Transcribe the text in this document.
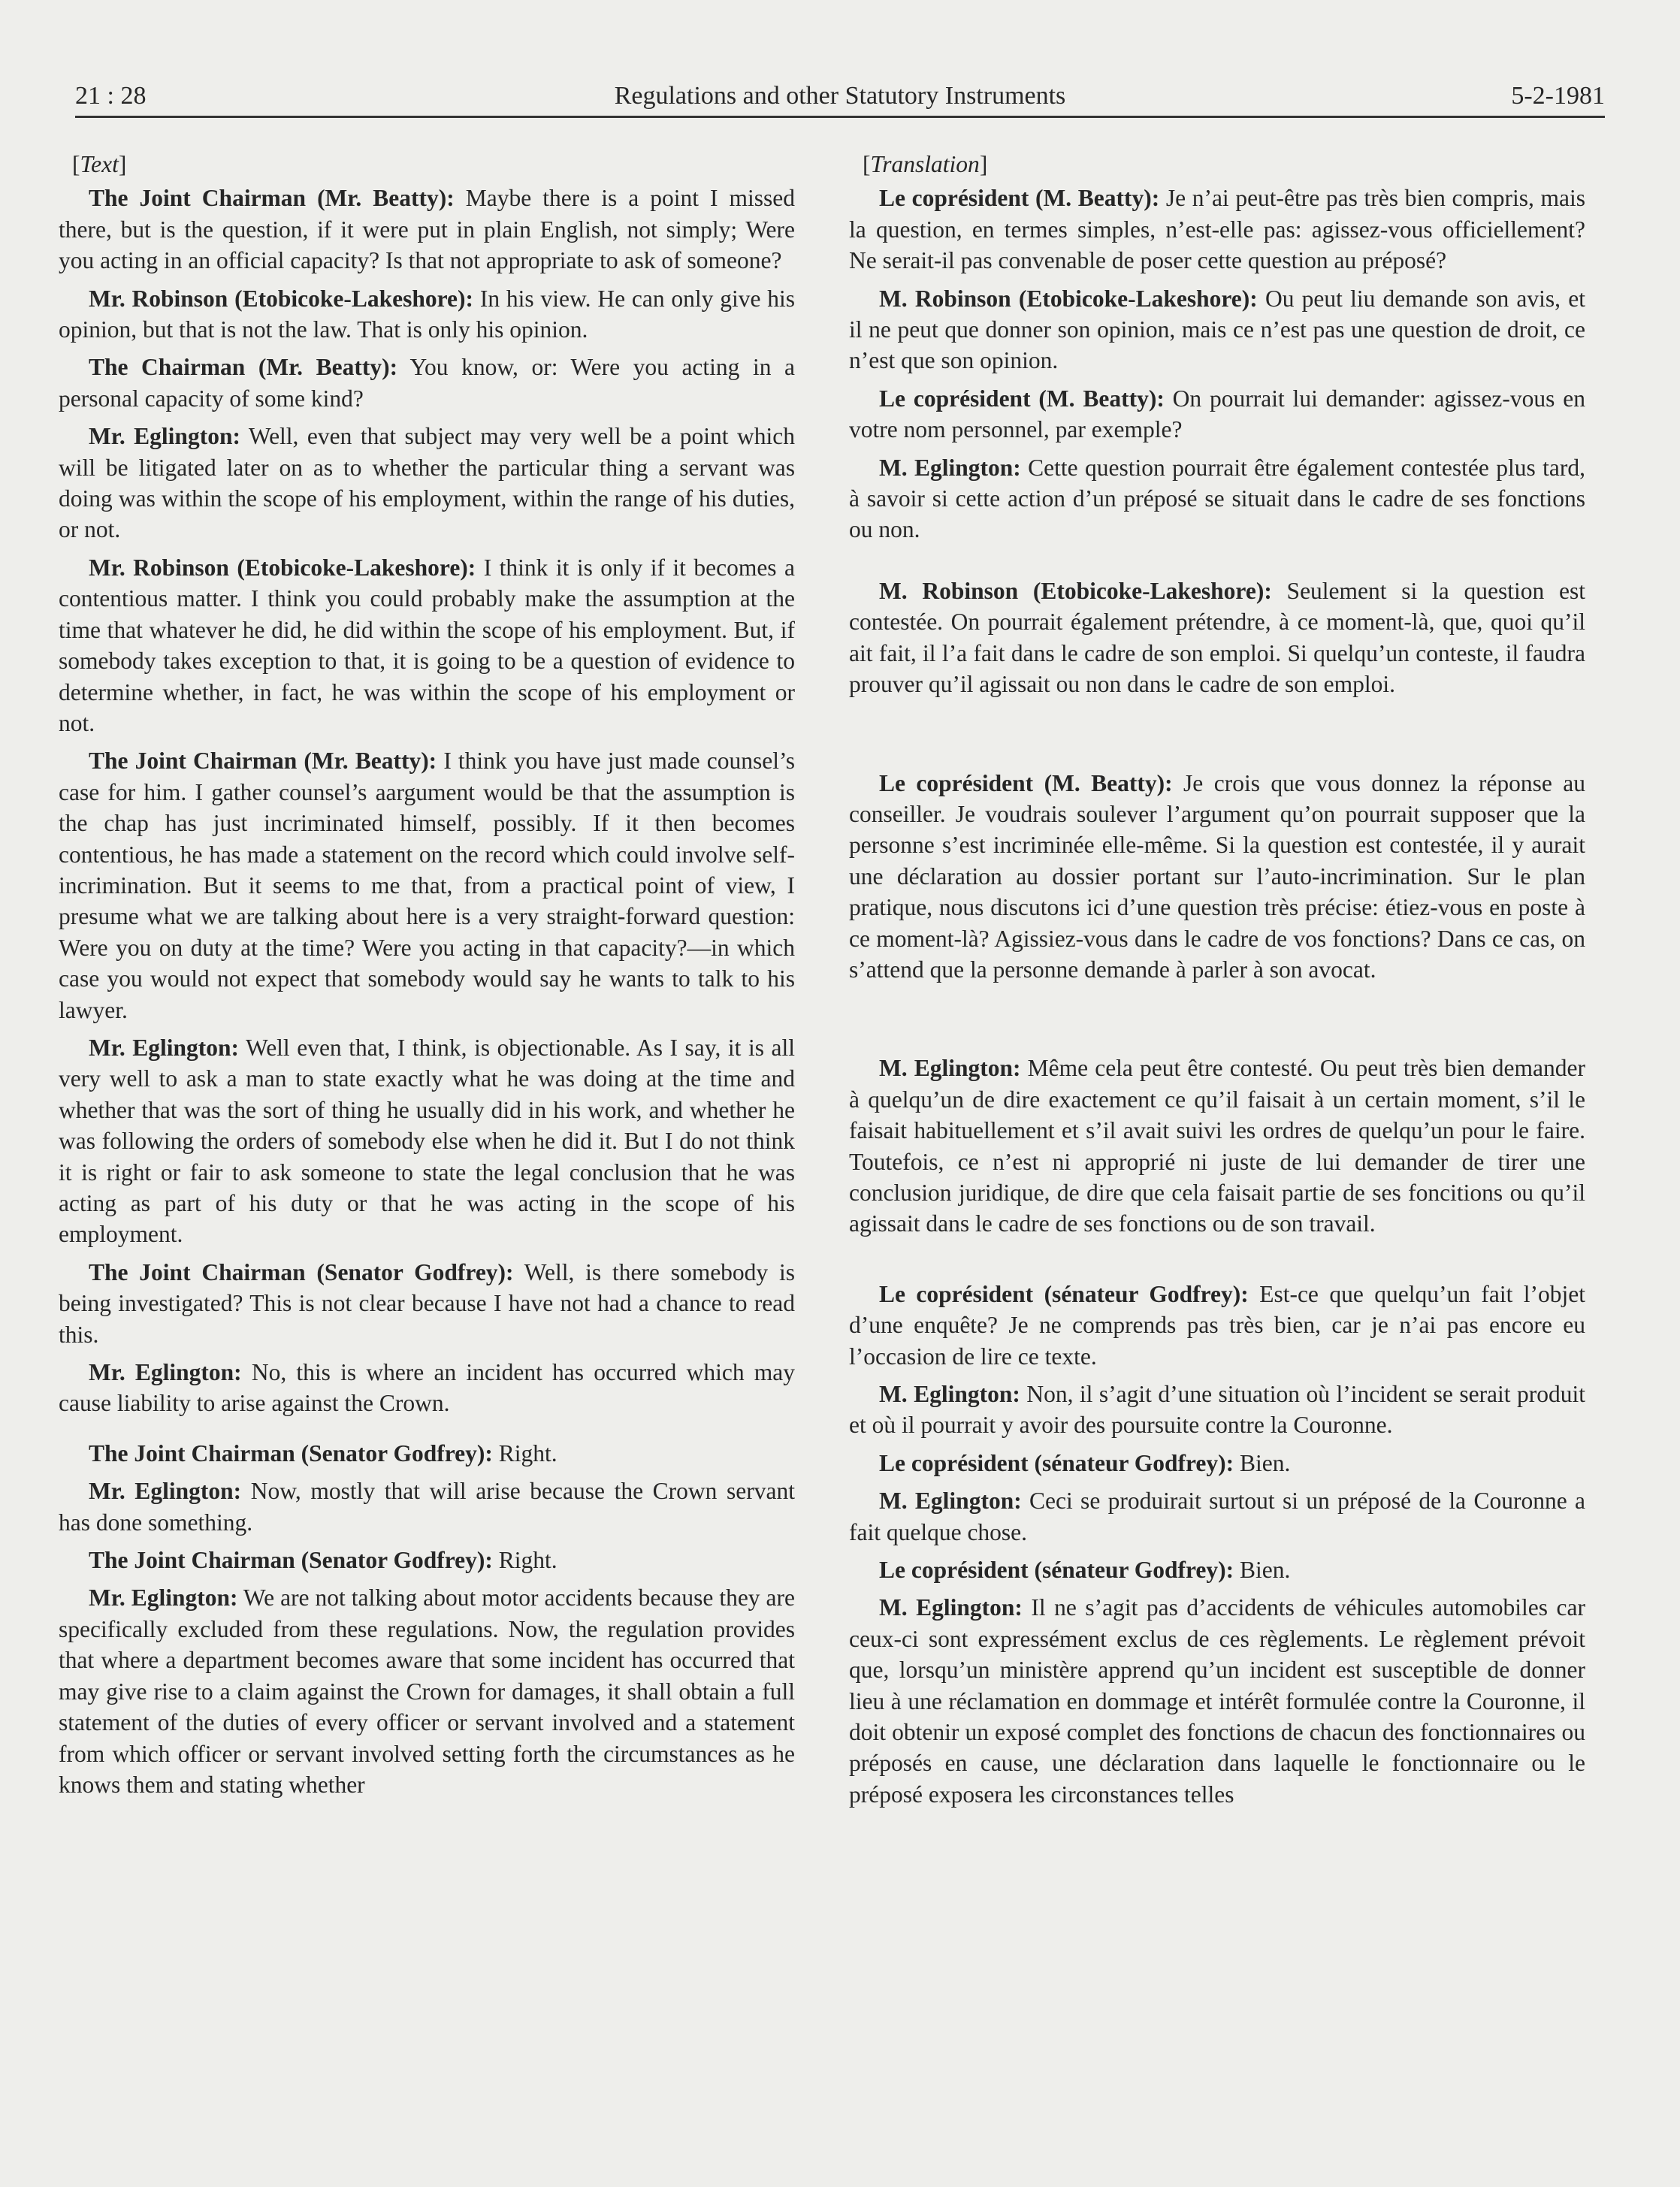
21 : 28	Regulations and other Statutory Instruments	5-2-1981
[Text]

The Joint Chairman (Mr. Beatty): Maybe there is a point I missed there, but is the question, if it were put in plain English, not simply; Were you acting in an official capacity? Is that not appropriate to ask of someone?

Mr. Robinson (Etobicoke-Lakeshore): In his view. He can only give his opinion, but that is not the law. That is only his opinion.

The Chairman (Mr. Beatty): You know, or: Were you acting in a personal capacity of some kind?

Mr. Eglington: Well, even that subject may very well be a point which will be litigated later on as to whether the particular thing a servant was doing was within the scope of his employment, within the range of his duties, or not.

Mr. Robinson (Etobicoke-Lakeshore): I think it is only if it becomes a contentious matter. I think you could probably make the assumption at the time that whatever he did, he did within the scope of his employment. But, if somebody takes exception to that, it is going to be a question of evidence to determine whether, in fact, he was within the scope of his employment or not.

The Joint Chairman (Mr. Beatty): I think you have just made counsel’s case for him. I gather counsel’s aargument would be that the assumption is the chap has just incriminated himself, possibly. If it then becomes contentious, he has made a statement on the record which could involve self-incrimination. But it seems to me that, from a practical point of view, I presume what we are talking about here is a very straight-forward question: Were you on duty at the time? Were you acting in that capacity?—in which case you would not expect that somebody would say he wants to talk to his lawyer.

Mr. Eglington: Well even that, I think, is objectionable. As I say, it is all very well to ask a man to state exactly what he was doing at the time and whether that was the sort of thing he usually did in his work, and whether he was following the orders of somebody else when he did it. But I do not think it is right or fair to ask someone to state the legal conclusion that he was acting as part of his duty or that he was acting in the scope of his employment.

The Joint Chairman (Senator Godfrey): Well, is there somebody is being investigated? This is not clear because I have not had a chance to read this.

Mr. Eglington: No, this is where an incident has occurred which may cause liability to arise against the Crown.

The Joint Chairman (Senator Godfrey): Right.

Mr. Eglington: Now, mostly that will arise because the Crown servant has done something.

The Joint Chairman (Senator Godfrey): Right.

Mr. Eglington: We are not talking about motor accidents because they are specifically excluded from these regulations. Now, the regulation provides that where a department becomes aware that some incident has occurred that may give rise to a claim against the Crown for damages, it shall obtain a full statement of the duties of every officer or servant involved and a statement from which officer or servant involved setting forth the circumstances as he knows them and stating whether

[Translation]

Le coprésident (M. Beatty): Je n’ai peut-être pas très bien compris, mais la question, en termes simples, n’est-elle pas: agissez-vous officiellement? Ne serait-il pas convenable de poser cette question au préposé?

M. Robinson (Etobicoke-Lakeshore): Ou peut liu demande son avis, et il ne peut que donner son opinion, mais ce n’est pas une question de droit, ce n’est que son opinion.

Le coprésident (M. Beatty): On pourrait lui demander: agissez-vous en votre nom personnel, par exemple?

M. Eglington: Cette question pourrait être également contestée plus tard, à savoir si cette action d’un préposé se situait dans le cadre de ses fonctions ou non.

M. Robinson (Etobicoke-Lakeshore): Seulement si la question est contestée. On pourrait également prétendre, à ce moment-là, que, quoi qu’il ait fait, il l’a fait dans le cadre de son emploi. Si quelqu’un conteste, il faudra prouver qu’il agissait ou non dans le cadre de son emploi.

Le coprésident (M. Beatty): Je crois que vous donnez la réponse au conseiller. Je voudrais soulever l’argument qu’on pourrait supposer que la personne s’est incriminée elle-même. Si la question est contestée, il y aurait une déclaration au dossier portant sur l’auto-incrimination. Sur le plan pratique, nous discutons ici d’une question très précise: étiez-vous en poste à ce moment-là? Agissiez-vous dans le cadre de vos fonctions? Dans ce cas, on s’attend que la personne demande à parler à son avocat.

M. Eglington: Même cela peut être contesté. Ou peut très bien demander à quelqu’un de dire exactement ce qu’il faisait à un certain moment, s’il le faisait habituellement et s’il avait suivi les ordres de quelqu’un pour le faire. Toutefois, ce n’est ni approprié ni juste de lui demander de tirer une conclusion juridique, de dire que cela faisait partie de ses foncitions ou qu’il agissait dans le cadre de ses fonctions ou de son travail.

Le coprésident (sénateur Godfrey): Est-ce que quelqu’un fait l’objet d’une enquête? Je ne comprends pas très bien, car je n’ai pas encore eu l’occasion de lire ce texte.

M. Eglington: Non, il s’agit d’une situation où l’incident se serait produit et où il pourrait y avoir des poursuite contre la Couronne.

Le coprésident (sénateur Godfrey): Bien.

M. Eglington: Ceci se produirait surtout si un préposé de la Couronne a fait quelque chose.

Le coprésident (sénateur Godfrey): Bien.

M. Eglington: Il ne s’agit pas d’accidents de véhicules automobiles car ceux-ci sont expressément exclus de ces règlements. Le règlement prévoit que, lorsqu’un ministère apprend qu’un incident est susceptible de donner lieu à une réclamation en dommage et intérêt formulée contre la Couronne, il doit obtenir un exposé complet des fonctions de chacun des fonctionnaires ou préposés en cause, une déclaration dans laquelle le fonctionnaire ou le préposé exposera les circonstances telles
